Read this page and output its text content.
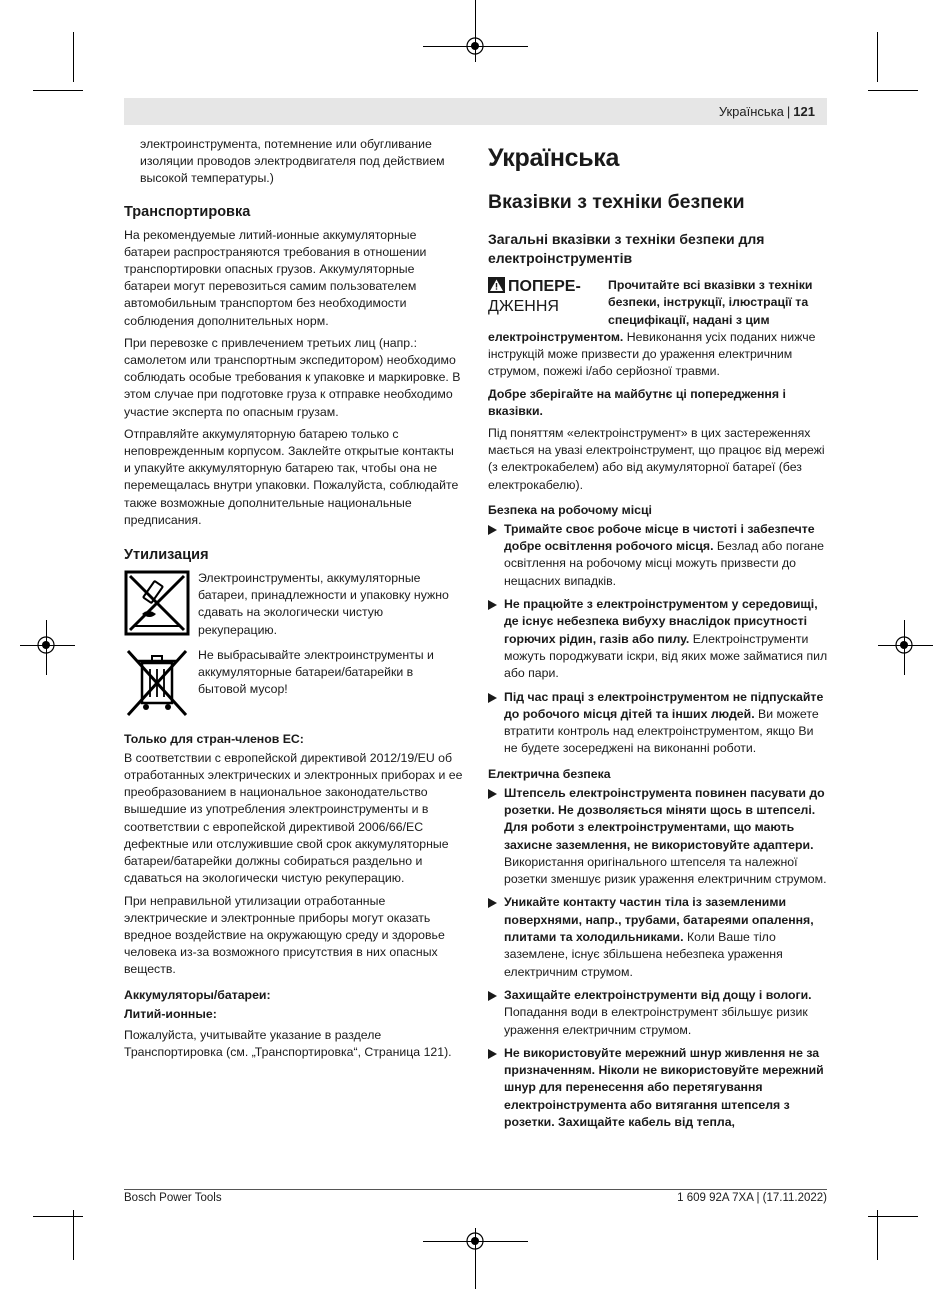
Українська | 121

электроинструмента, потемнение или обугливание изоляции проводов электродвигателя под действием высокой температуры.)

Транспортировка

На рекомендуемые литий-ионные аккумуляторные батареи распространяются требования в отношении транспортировки опасных грузов. Аккумуляторные батареи могут перевозиться самим пользователем автомобильным транспортом без необходимости соблюдения дополнительных норм.

При перевозке с привлечением третьих лиц (напр.: самолетом или транспортным экспедитором) необходимо соблюдать особые требования к упаковке и маркировке. В этом случае при подготовке груза к отправке необходимо участие эксперта по опасным грузам.

Отправляйте аккумуляторную батарею только с неповрежденным корпусом. Заклейте открытые контакты и упакуйте аккумуляторную батарею так, чтобы она не перемещалась внутри упаковки. Пожалуйста, соблюдайте также возможные дополнительные национальные предписания.

Утилизация

Электроинструменты, аккумуляторные батареи, принадлежности и упаковку нужно сдавать на экологически чистую рекуперацию.

Не выбрасывайте электроинструменты и аккумуляторные батареи/батарейки в бытовой мусор!

Только для стран-членов ЕС:

В соответствии с европейской директивой 2012/19/EU об отработанных электрических и электронных приборах и ее преобразованием в национальное законодательство вышедшие из употребления электроинструменты и в соответствии с европейской директивой 2006/66/EC дефектные или отслужившие свой срок аккумуляторные батареи/батарейки должны собираться раздельно и сдаваться на экологически чистую рекуперацию.

При неправильной утилизации отработанные электрические и электронные приборы могут оказать вредное воздействие на окружающую среду и здоровье человека из-за возможного присутствия в них опасных веществ.

Аккумуляторы/батареи:
Литий-ионные:

Пожалуйста, учитывайте указание в разделе Транспортировка (см. „Транспортировка“, Страница 121).

Українська
Вказівки з техніки безпеки
Загальні вказівки з техніки безпеки для електроінструментів
ПОПЕРЕ-
ДЖЕННЯ
Прочитайте всі вказівки з техніки безпеки, інструкції, ілюстрації та специфікації, надані з цим

електроінструментом. Невиконання усіх поданих нижче інструкцій може призвести до ураження електричним струмом, пожежі і/або серйозної травми.

Добре зберігайте на майбутнє ці попередження і вказівки.

Під поняттям «електроінструмент» в цих застереженнях мається на увазі електроінструмент, що працює від мережі (з електрокабелем) або від акумуляторної батареї (без електрокабелю).

Безпека на робочому місці
Тримайте своє робоче місце в чистоті і забезпечте добре освітлення робочого місця. Безлад або погане освітлення на робочому місці можуть призвести до нещасних випадків.
Не працюйте з електроінструментом у середовищі, де існує небезпека вибуху внаслідок присутності горючих рідин, газів або пилу. Електроінструменти можуть породжувати іскри, від яких може займатися пил або пари.
Під час праці з електроінструментом не підпускайте до робочого місця дітей та інших людей. Ви можете втратити контроль над електроінструментом, якщо Ви не будете зосереджені на виконанні роботи.
Електрична безпека
Штепсель електроінструмента повинен пасувати до розетки. Не дозволяється міняти щось в штепселі. Для роботи з електроінструментами, що мають захисне заземлення, не використовуйте адаптери. Використання оригінального штепселя та належної розетки зменшує ризик ураження електричним струмом.
Уникайте контакту частин тіла із заземленими поверхнями, напр., трубами, батареями опалення, плитами та холодильниками. Коли Ваше тіло заземлене, існує збільшена небезпека ураження електричним струмом.
Захищайте електроінструменти від дощу і вологи. Попадання води в електроінструмент збільшує ризик ураження електричним струмом.
Не використовуйте мережний шнур живлення не за призначенням. Ніколи не використовуйте мережний шнур для перенесення або перетягування електроінструмента або витягання штепселя з розетки. Захищайте кабель від тепла,
Bosch Power Tools	1 609 92A 7XA | (17.11.2022)
